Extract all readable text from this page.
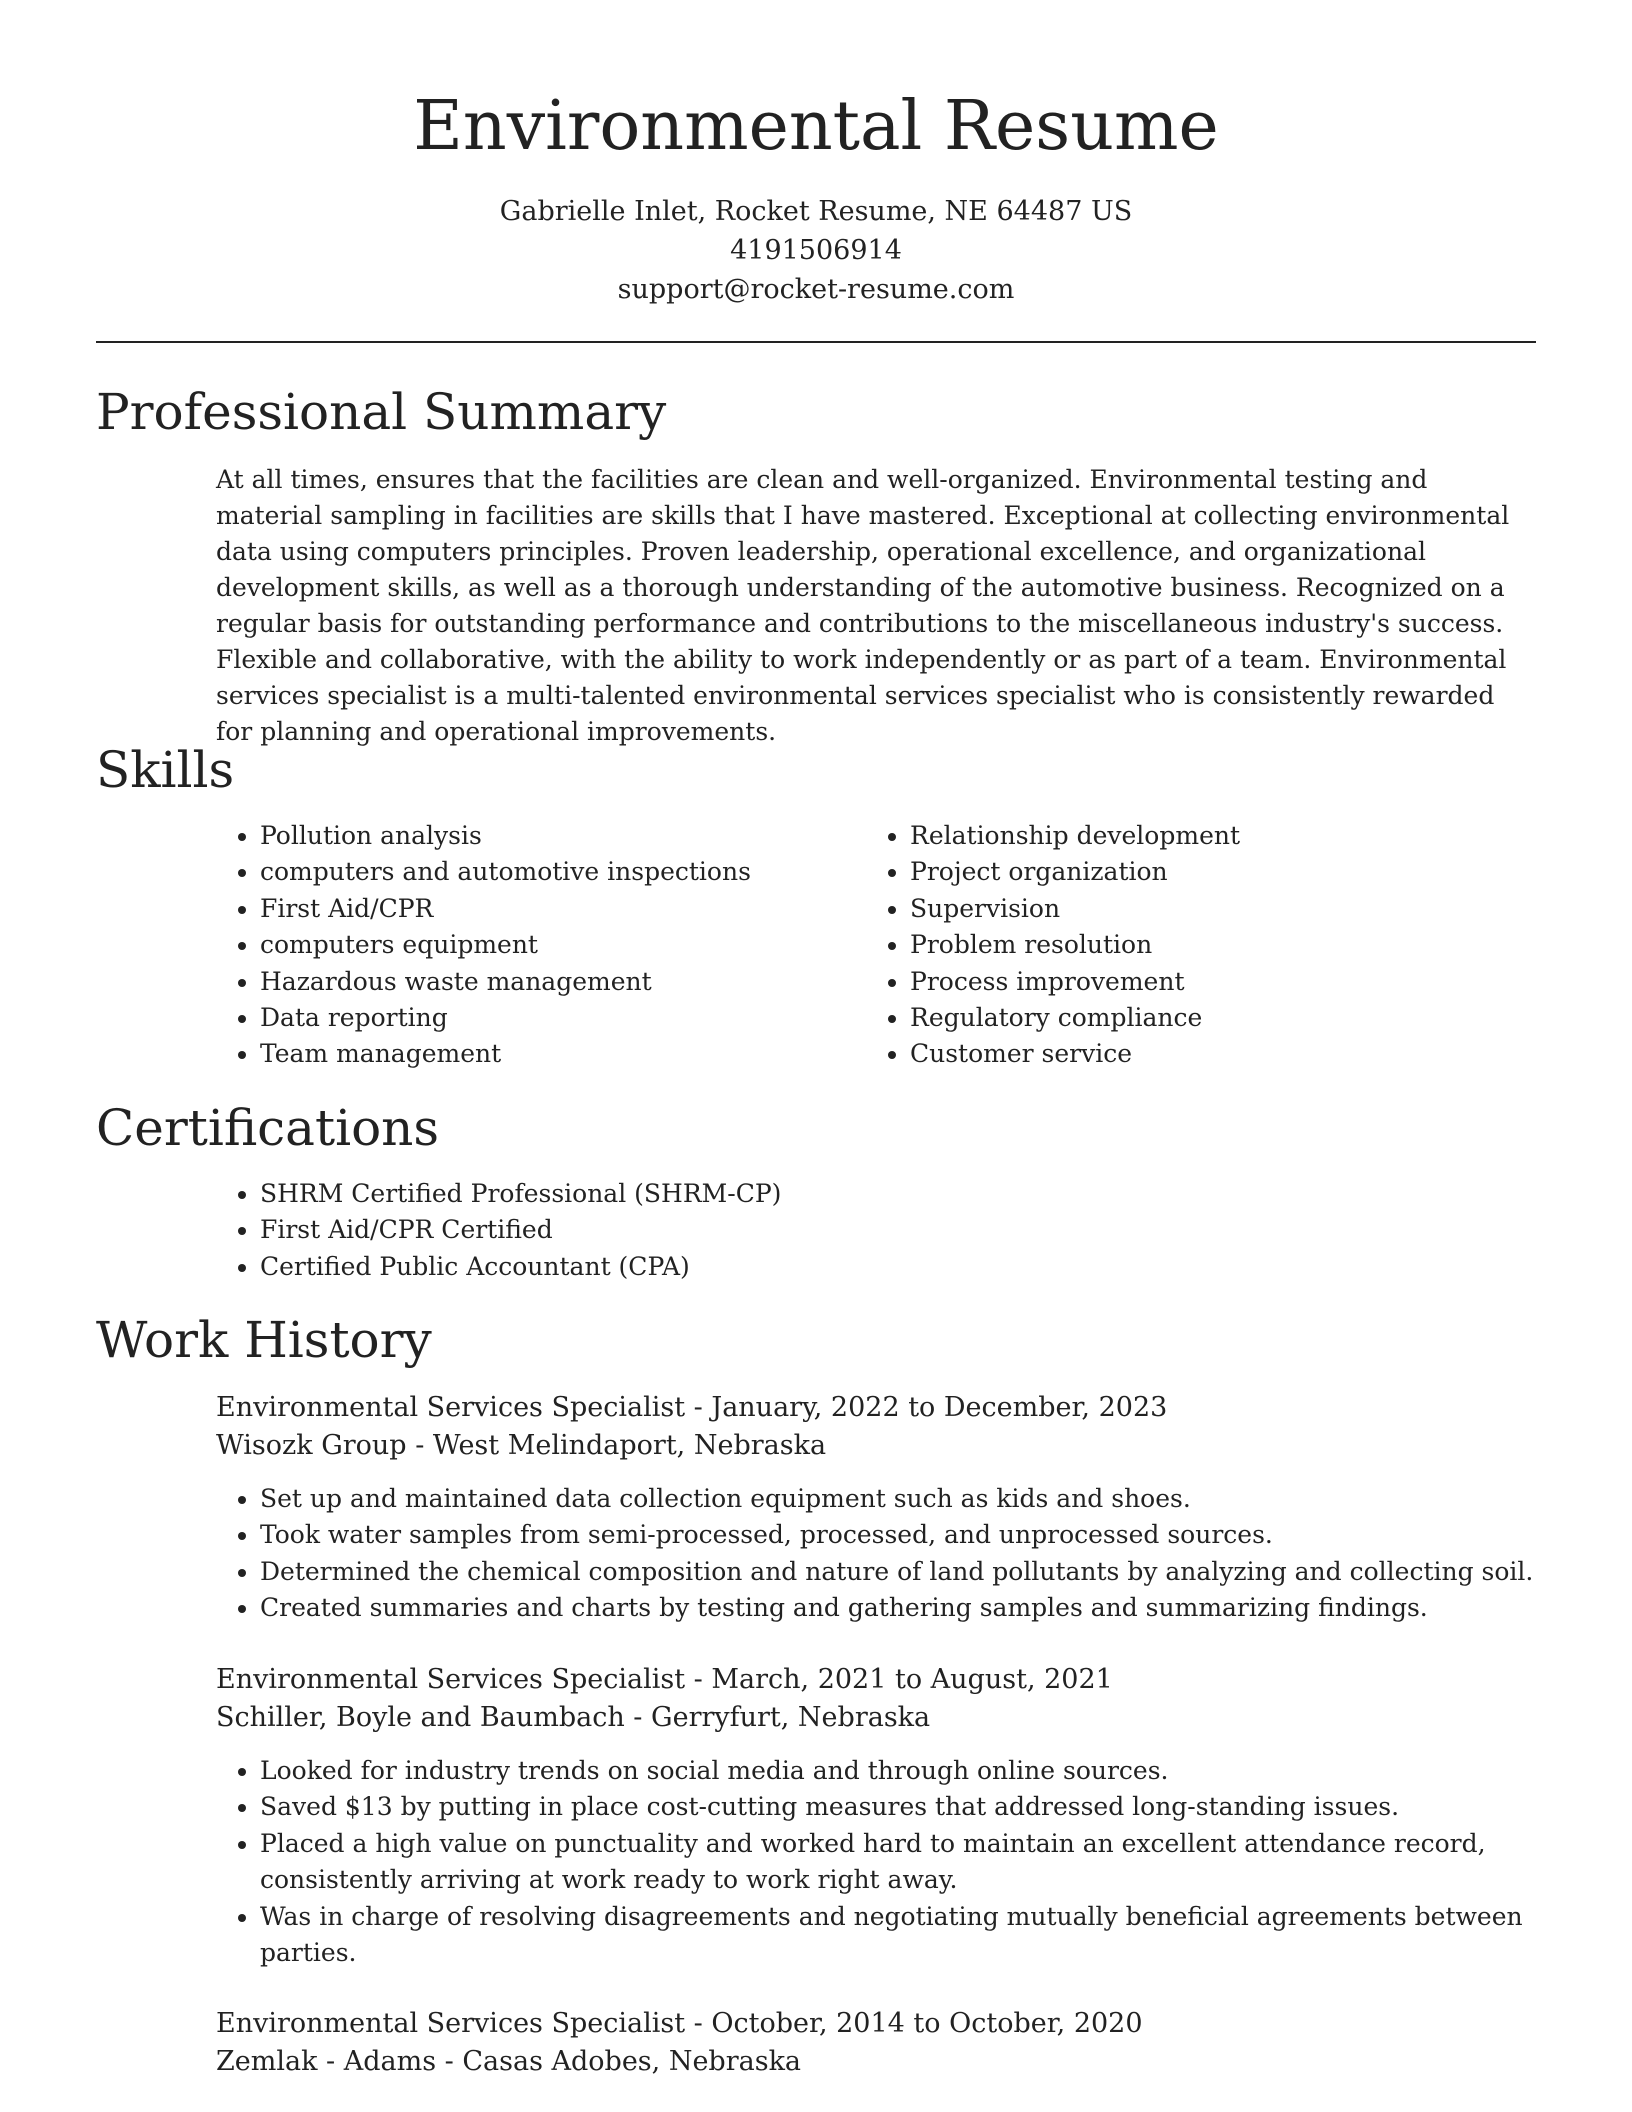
Environmental Resume
Gabrielle Inlet, Rocket Resume, NE 64487 US
4191506914
support@rocket-resume.com
Professional Summary

At all times, ensures that the facilities are clean and well-organized. Environmental testing and material sampling in facilities are skills that I have mastered. Exceptional at collecting environmental data using computers principles. Proven leadership, operational excellence, and organizational development skills, as well as a thorough understanding of the automotive business. Recognized on a regular basis for outstanding performance and contributions to the miscellaneous industry's success. Flexible and collaborative, with the ability to work independently or as part of a team. Environmental services specialist is a multi-talented environmental services specialist who is consistently rewarded for planning and operational improvements.

Skills
• Pollution analysis
• computers and automotive inspections
• First Aid/CPR
• computers equipment
• Hazardous waste management
• Data reporting
• Team management
• Relationship development
• Project organization
• Supervision
• Problem resolution
• Process improvement
• Regulatory compliance
• Customer service
Certifications
• SHRM Certified Professional (SHRM-CP)
• First Aid/CPR Certified
• Certified Public Accountant (CPA)
Work History
Environmental Services Specialist - January, 2022 to December, 2023
Wisozk Group - West Melindaport, Nebraska
• Set up and maintained data collection equipment such as kids and shoes.
• Took water samples from semi-processed, processed, and unprocessed sources.
• Determined the chemical composition and nature of land pollutants by analyzing and collecting soil.
• Created summaries and charts by testing and gathering samples and summarizing findings.
Environmental Services Specialist - March, 2021 to August, 2021
Schiller, Boyle and Baumbach - Gerryfurt, Nebraska
• Looked for industry trends on social media and through online sources.
• Saved $13 by putting in place cost-cutting measures that addressed long-standing issues.
• Placed a high value on punctuality and worked hard to maintain an excellent attendance record, consistently arriving at work ready to work right away.
• Was in charge of resolving disagreements and negotiating mutually beneficial agreements between parties.
Environmental Services Specialist - October, 2014 to October, 2020
Zemlak - Adams - Casas Adobes, Nebraska
